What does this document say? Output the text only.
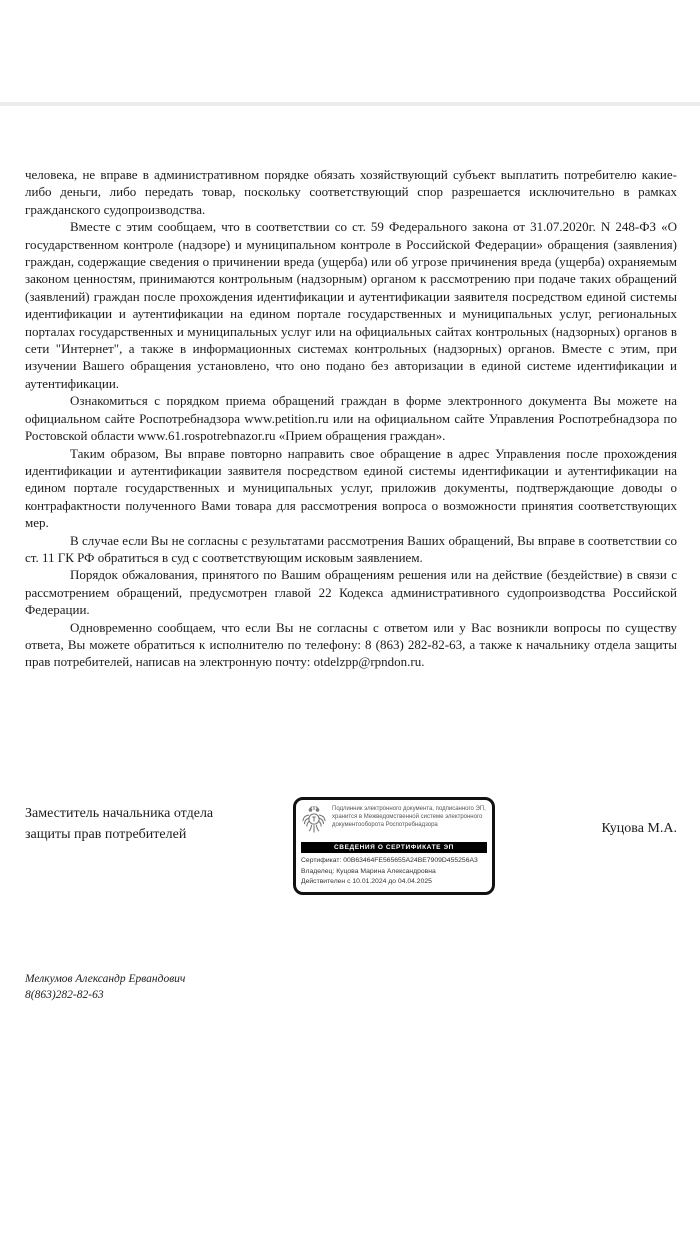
человека, не вправе в административном порядке обязать хозяйствующий субъект выплатить потребителю какие-либо деньги, либо передать товар, поскольку соответствующий спор разрешается исключительно в рамках гражданского судопроизводства.

Вместе с этим сообщаем, что в соответствии со ст. 59 Федерального закона от 31.07.2020г. N 248-ФЗ «О государственном контроле (надзоре) и муниципальном контроле в Российской Федерации» обращения (заявления) граждан, содержащие сведения о причинении вреда (ущерба) или об угрозе причинения вреда (ущерба) охраняемым законом ценностям, принимаются контрольным (надзорным) органом к рассмотрению при подаче таких обращений (заявлений) граждан после прохождения идентификации и аутентификации заявителя посредством единой системы идентификации и аутентификации на едином портале государственных и муниципальных услуг, региональных порталах государственных и муниципальных услуг или на официальных сайтах контрольных (надзорных) органов в сети "Интернет", а также в информационных системах контрольных (надзорных) органов. Вместе с этим, при изучении Вашего обращения установлено, что оно подано без авторизации в единой системе идентификации и аутентификации.

Ознакомиться с порядком приема обращений граждан в форме электронного документа Вы можете на официальном сайте Роспотребнадзора www.petition.ru или на официальном сайте Управления Роспотребнадзора по Ростовской области www.61.rospotrebnazor.ru «Прием обращения граждан».

Таким образом, Вы вправе повторно направить свое обращение в адрес Управления после прохождения идентификации и аутентификации заявителя посредством единой системы идентификации и аутентификации на едином портале государственных и муниципальных услуг, приложив документы, подтверждающие доводы о контрафактности полученного Вами товара для рассмотрения вопроса о возможности принятия соответствующих мер.

В случае если Вы не согласны с результатами рассмотрения Ваших обращений, Вы вправе в соответствии со ст. 11 ГК РФ обратиться в суд с соответствующим исковым заявлением.

Порядок обжалования, принятого по Вашим обращениям решения или на действие (бездействие) в связи с рассмотрением обращений, предусмотрен главой 22 Кодекса административного судопроизводства Российской Федерации.

Одновременно сообщаем, что если Вы не согласны с ответом или у Вас возникли вопросы по существу ответа, Вы можете обратиться к исполнителю по телефону: 8 (863) 282-82-63, а также к начальнику отдела защиты прав потребителей, написав на электронную почту: otdelzpp@rpndon.ru.

Заместитель начальника отдела
защиты прав потребителей
Подлинник электронного документа, подписанного ЭП, хранится в Межведомственной системе электронного документооборота Роспотребнадзора
СВЕДЕНИЯ О СЕРТИФИКАТЕ ЭП
Сертификат: 00B63464FE565655A24BE7909D455256A3
Владелец: Куцова Марина Александровна
Действителен с 10.01.2024 до 04.04.2025
Куцова М.А.
Мелкумов Александр Ервандович
8(863)282-82-63
